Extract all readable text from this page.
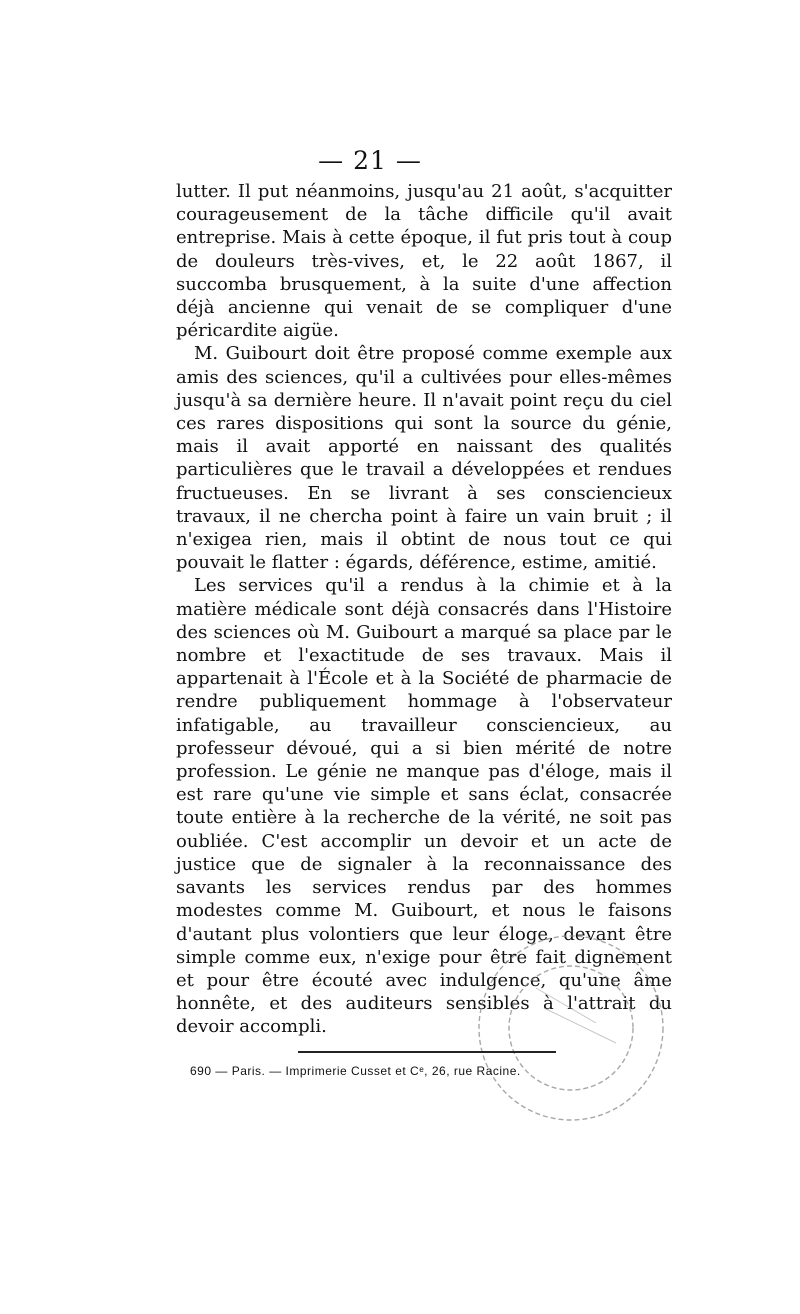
— 21 —

lutter. Il put néanmoins, jusqu'au 21 août, s'acquitter courageusement de la tâche difficile qu'il avait entreprise. Mais à cette époque, il fut pris tout à coup de douleurs très-vives, et, le 22 août 1867, il succomba brusquement, à la suite d'une affection déjà ancienne qui venait de se compliquer d'une péricardite aigüe.

M. Guibourt doit être proposé comme exemple aux amis des sciences, qu'il a cultivées pour elles-mêmes jusqu'à sa dernière heure. Il n'avait point reçu du ciel ces rares dispositions qui sont la source du génie, mais il avait apporté en naissant des qualités particulières que le travail a développées et rendues fructueuses. En se livrant à ses consciencieux travaux, il ne chercha point à faire un vain bruit ; il n'exigea rien, mais il obtint de nous tout ce qui pouvait le flatter : égards, déférence, estime, amitié.

Les services qu'il a rendus à la chimie et à la matière médicale sont déjà consacrés dans l'Histoire des sciences où M. Guibourt a marqué sa place par le nombre et l'exactitude de ses travaux. Mais il appartenait à l'École et à la Société de pharmacie de rendre publiquement hommage à l'observateur infatigable, au travailleur consciencieux, au professeur dévoué, qui a si bien mérité de notre profession. Le génie ne manque pas d'éloge, mais il est rare qu'une vie simple et sans éclat, consacrée toute entière à la recherche de la vérité, ne soit pas oubliée. C'est accomplir un devoir et un acte de justice que de signaler à la reconnaissance des savants les services rendus par des hommes modestes comme M. Guibourt, et nous le faisons d'autant plus volontiers que leur éloge, devant être simple comme eux, n'exige pour être fait dignement et pour être écouté avec indulgence, qu'une âme honnête, et des auditeurs sensibles à l'attrait du devoir accompli.

690 — Paris. — Imprimerie Cusset et Cᵉ, 26, rue Racine.
